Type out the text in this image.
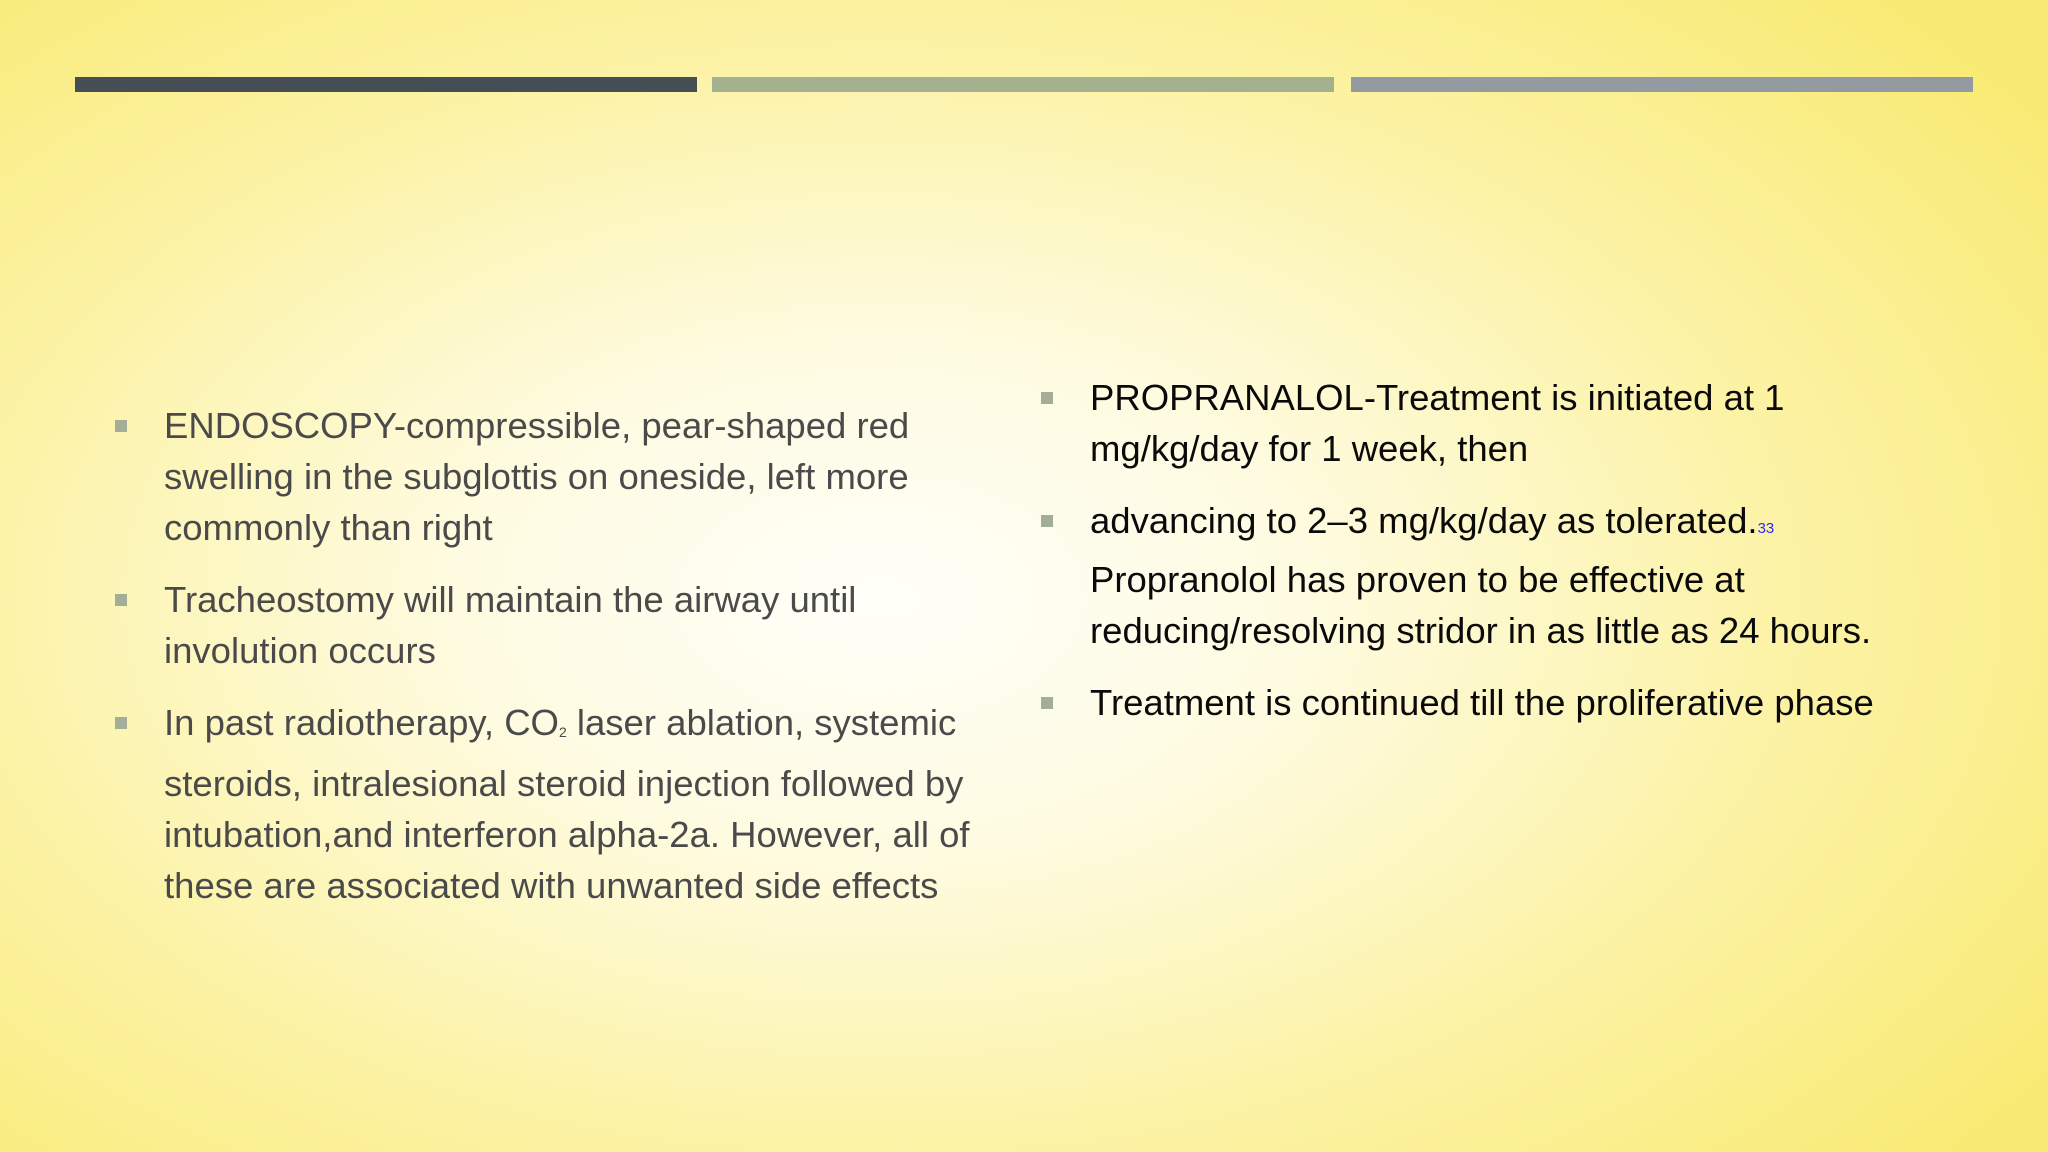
ENDOSCOPY-compressible, pear-shaped red swelling in the subglottis on oneside, left more commonly than right
Tracheostomy will maintain the airway until involution occurs
In past radiotherapy, $CO_2$ laser ablation, systemic steroids, intralesional steroid injection followed by intubation,and interferon alpha-2a. However, all of these are associated with unwanted side effects
PROPRANALOL-Treatment is initiated at 1 mg/kg/day for 1 week, then
advancing to 2–3 mg/kg/day as tolerated.33 Propranolol has proven to be effective at reducing/resolving stridor in as little as 24 hours.
Treatment is continued till the proliferative phase
